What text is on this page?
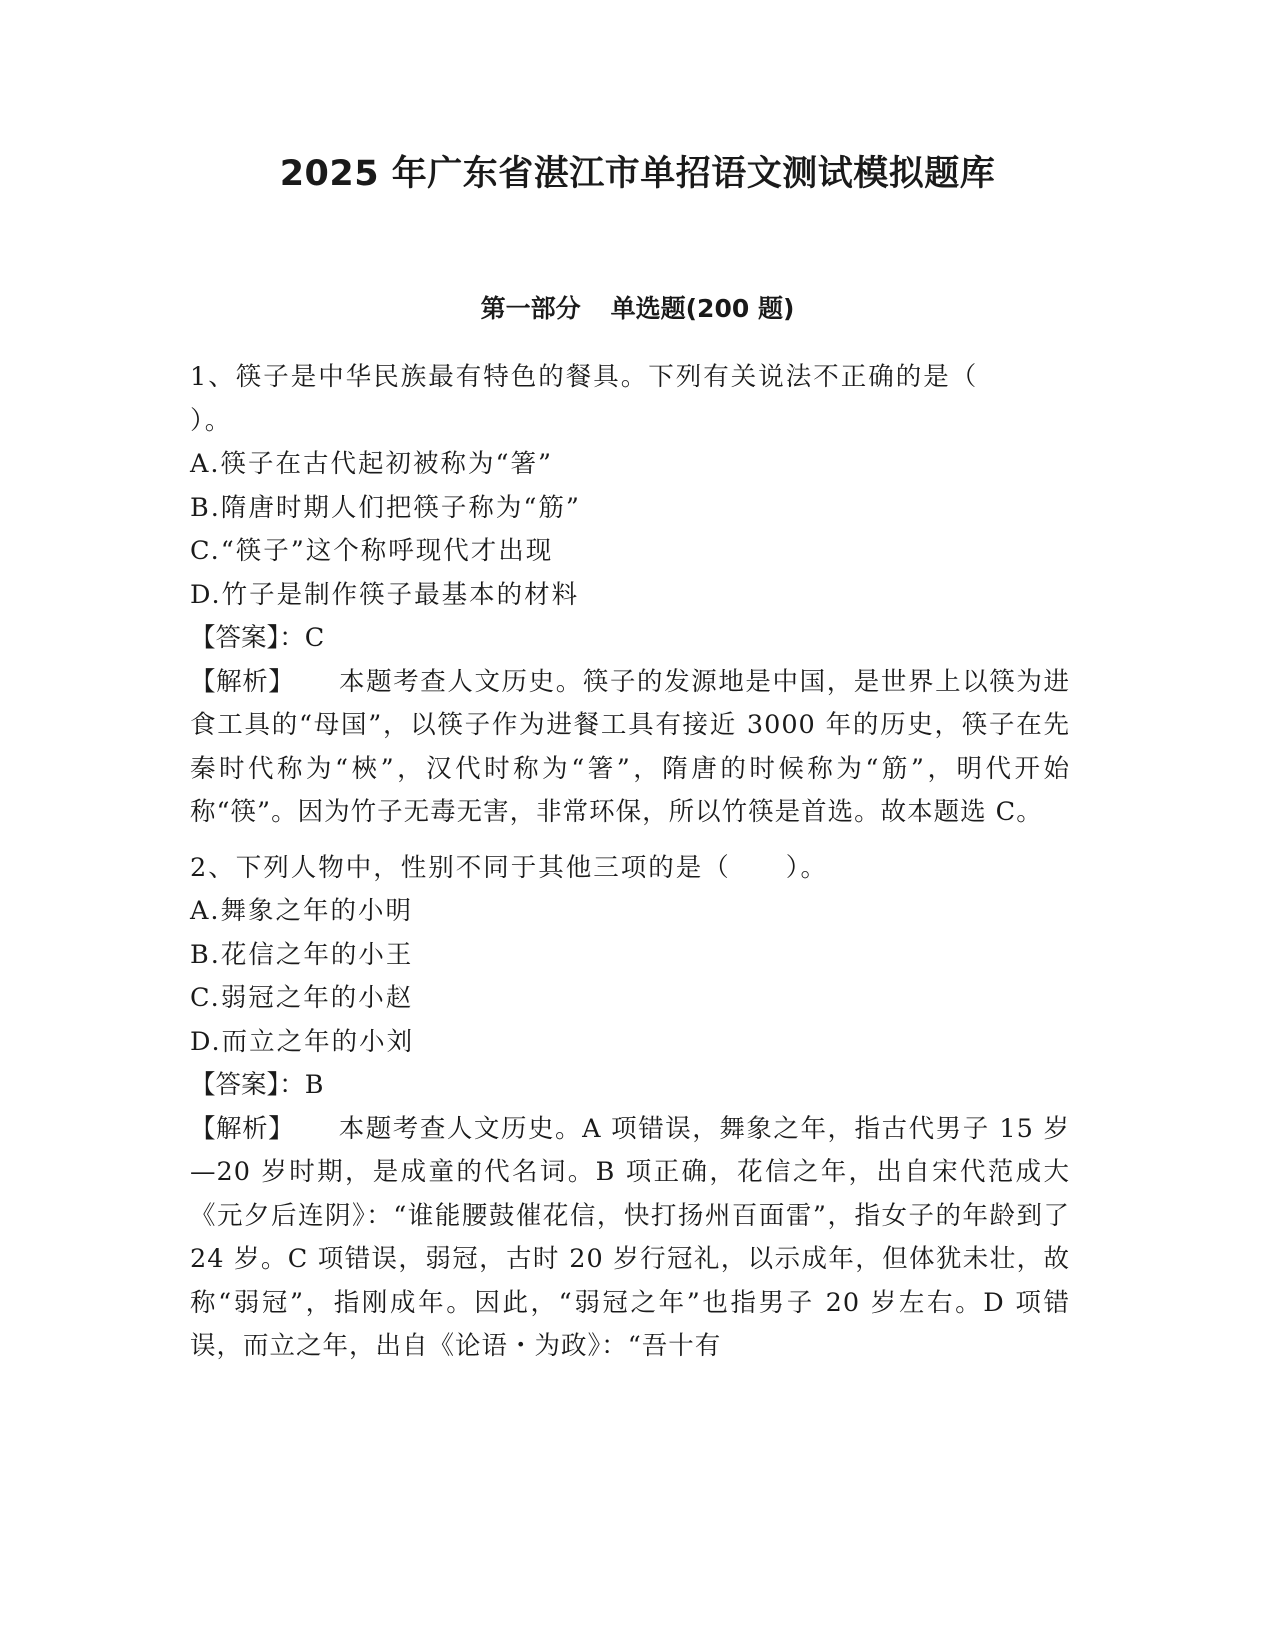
2025 年广东省湛江市单招语文测试模拟题库
第一部分 单选题(200 题)

1、筷子是中华民族最有特色的餐具。下列有关说法不正确的是（

）。

A.筷子在古代起初被称为“箸”

B.隋唐时期人们把筷子称为“筋”

C.“筷子”这个称呼现代才出现

D.竹子是制作筷子最基本的材料

【答案】：C

【解析】 本题考查人文历史。筷子的发源地是中国，是世界上以筷为进食工具的“母国”，以筷子作为进餐工具有接近 3000 年的历史，筷子在先秦时代称为“梜”，汉代时称为“箸”，隋唐的时候称为“筋”，明代开始称“筷”。因为竹子无毒无害，非常环保，所以竹筷是首选。故本题选 C。

2、下列人物中，性别不同于其他三项的是（　　）。

A.舞象之年的小明

B.花信之年的小王

C.弱冠之年的小赵

D.而立之年的小刘

【答案】：B

【解析】 本题考查人文历史。A 项错误，舞象之年，指古代男子 15 岁—20 岁时期，是成童的代名词。B 项正确，花信之年，出自宋代范成大《元夕后连阴》：“谁能腰鼓催花信，快打扬州百面雷”，指女子的年龄到了 24 岁。C 项错误，弱冠，古时 20 岁行冠礼，以示成年，但体犹未壮，故称“弱冠”，指刚成年。因此，“弱冠之年”也指男子 20 岁左右。D 项错误，而立之年，出自《论语・为政》：“吾十有
